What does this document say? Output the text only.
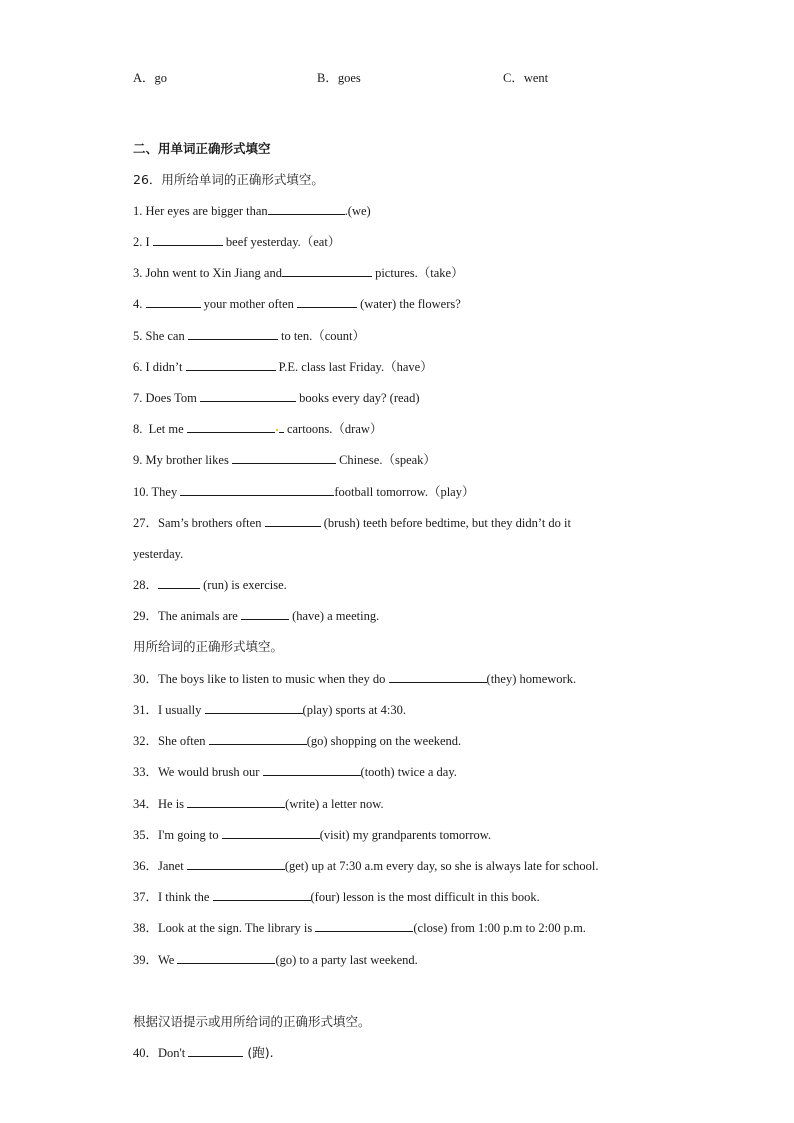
A．go	B．goes	C．went
二、用单词正确形式填空
26．用所给单词的正确形式填空。
1. Her eyes are bigger than	.(we)
2. I	beef yesterday.（eat）
3. John went to Xin Jiang and	pictures.（take）
4.	your mother often	(water) the flowers?
5. She can	to ten.（count）
6. I didn’t	P.E. class last Friday.（have）
7. Does Tom	books every day? (read)
8.  Let me	cartoons.（draw）
9. My brother likes	Chinese.（speak）
10. They	football tomorrow.（play）
27．Sam’s brothers often	(brush) teeth before bedtime, but they didn’t do it
yesterday.
28．	(run) is exercise.
29．The animals are	(have) a meeting.
用所给词的正确形式填空。
30．The boys like to listen to music when they do	(they) homework.
31．I usually	(play) sports at 4:30.
32．She often	(go) shopping on the weekend.
33．We would brush our	(tooth) twice a day.
34．He is	(write) a letter now.
35．I'm going to	(visit) my grandparents tomorrow.
36．Janet	(get) up at 7:30 a.m every day, so she is always late for school.
37．I think the	(four) lesson is the most difficult in this book.
38．Look at the sign. The library is	(close) from 1:00 p.m to 2:00 p.m.
39．We	(go) to a party last weekend.
根据汉语提示或用所给词的正确形式填空。
40．Don't	(跑).
